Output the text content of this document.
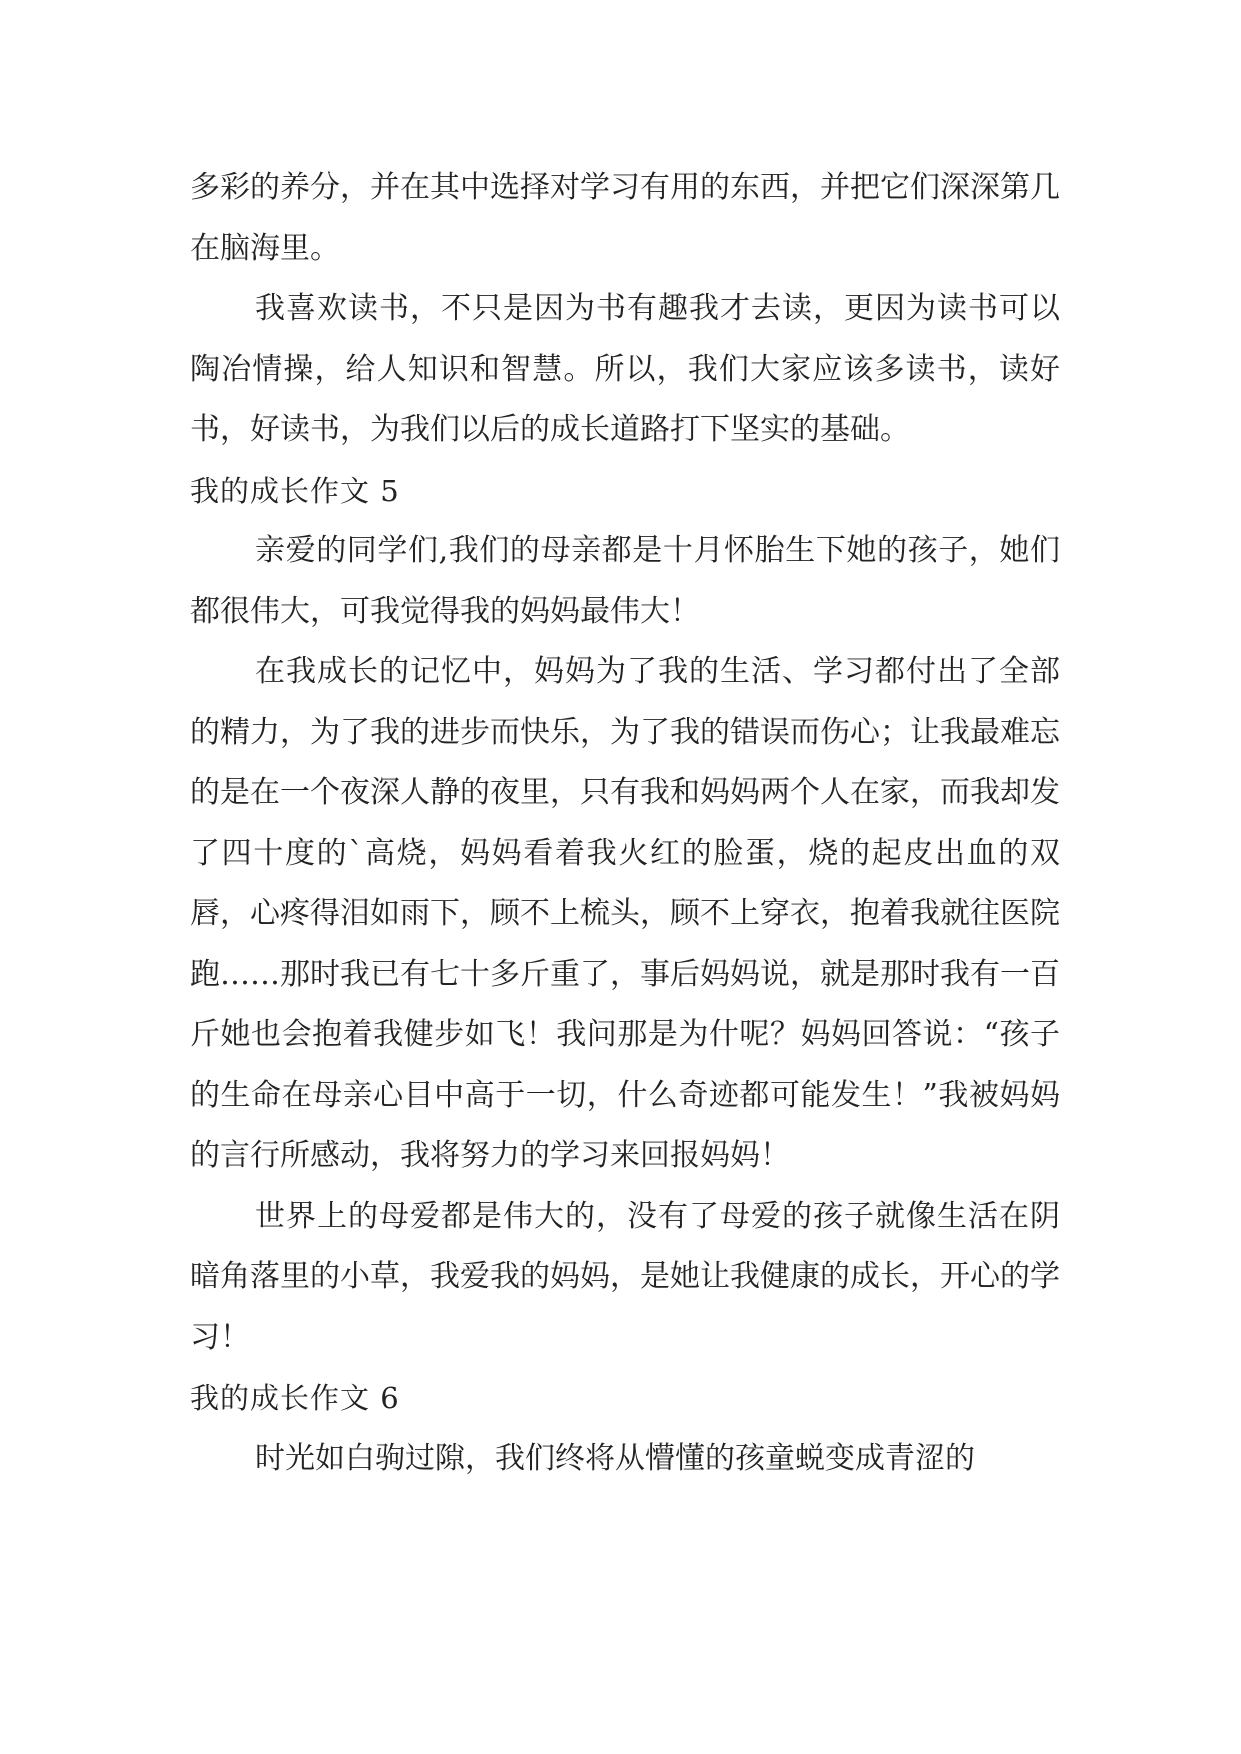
多彩的养分，并在其中选择对学习有用的东西，并把它们深深第几在脑海里。

我喜欢读书，不只是因为书有趣我才去读，更因为读书可以陶冶情操，给人知识和智慧。所以，我们大家应该多读书，读好书，好读书，为我们以后的成长道路打下坚实的基础。

我的成长作文 5

亲爱的同学们,我们的母亲都是十月怀胎生下她的孩子，她们都很伟大，可我觉得我的妈妈最伟大！

在我成长的记忆中，妈妈为了我的生活、学习都付出了全部的精力，为了我的进步而快乐，为了我的错误而伤心；让我最难忘的是在一个夜深人静的夜里，只有我和妈妈两个人在家，而我却发了四十度的`高烧，妈妈看着我火红的脸蛋，烧的起皮出血的双唇，心疼得泪如雨下，顾不上梳头，顾不上穿衣，抱着我就往医院跑……那时我已有七十多斤重了，事后妈妈说，就是那时我有一百斤她也会抱着我健步如飞！我问那是为什呢？妈妈回答说：“孩子的生命在母亲心目中高于一切，什么奇迹都可能发生！”我被妈妈的言行所感动，我将努力的学习来回报妈妈！

世界上的母爱都是伟大的，没有了母爱的孩子就像生活在阴暗角落里的小草，我爱我的妈妈，是她让我健康的成长，开心的学习！

我的成长作文 6

时光如白驹过隙，我们终将从懵懂的孩童蜕变成青涩的
